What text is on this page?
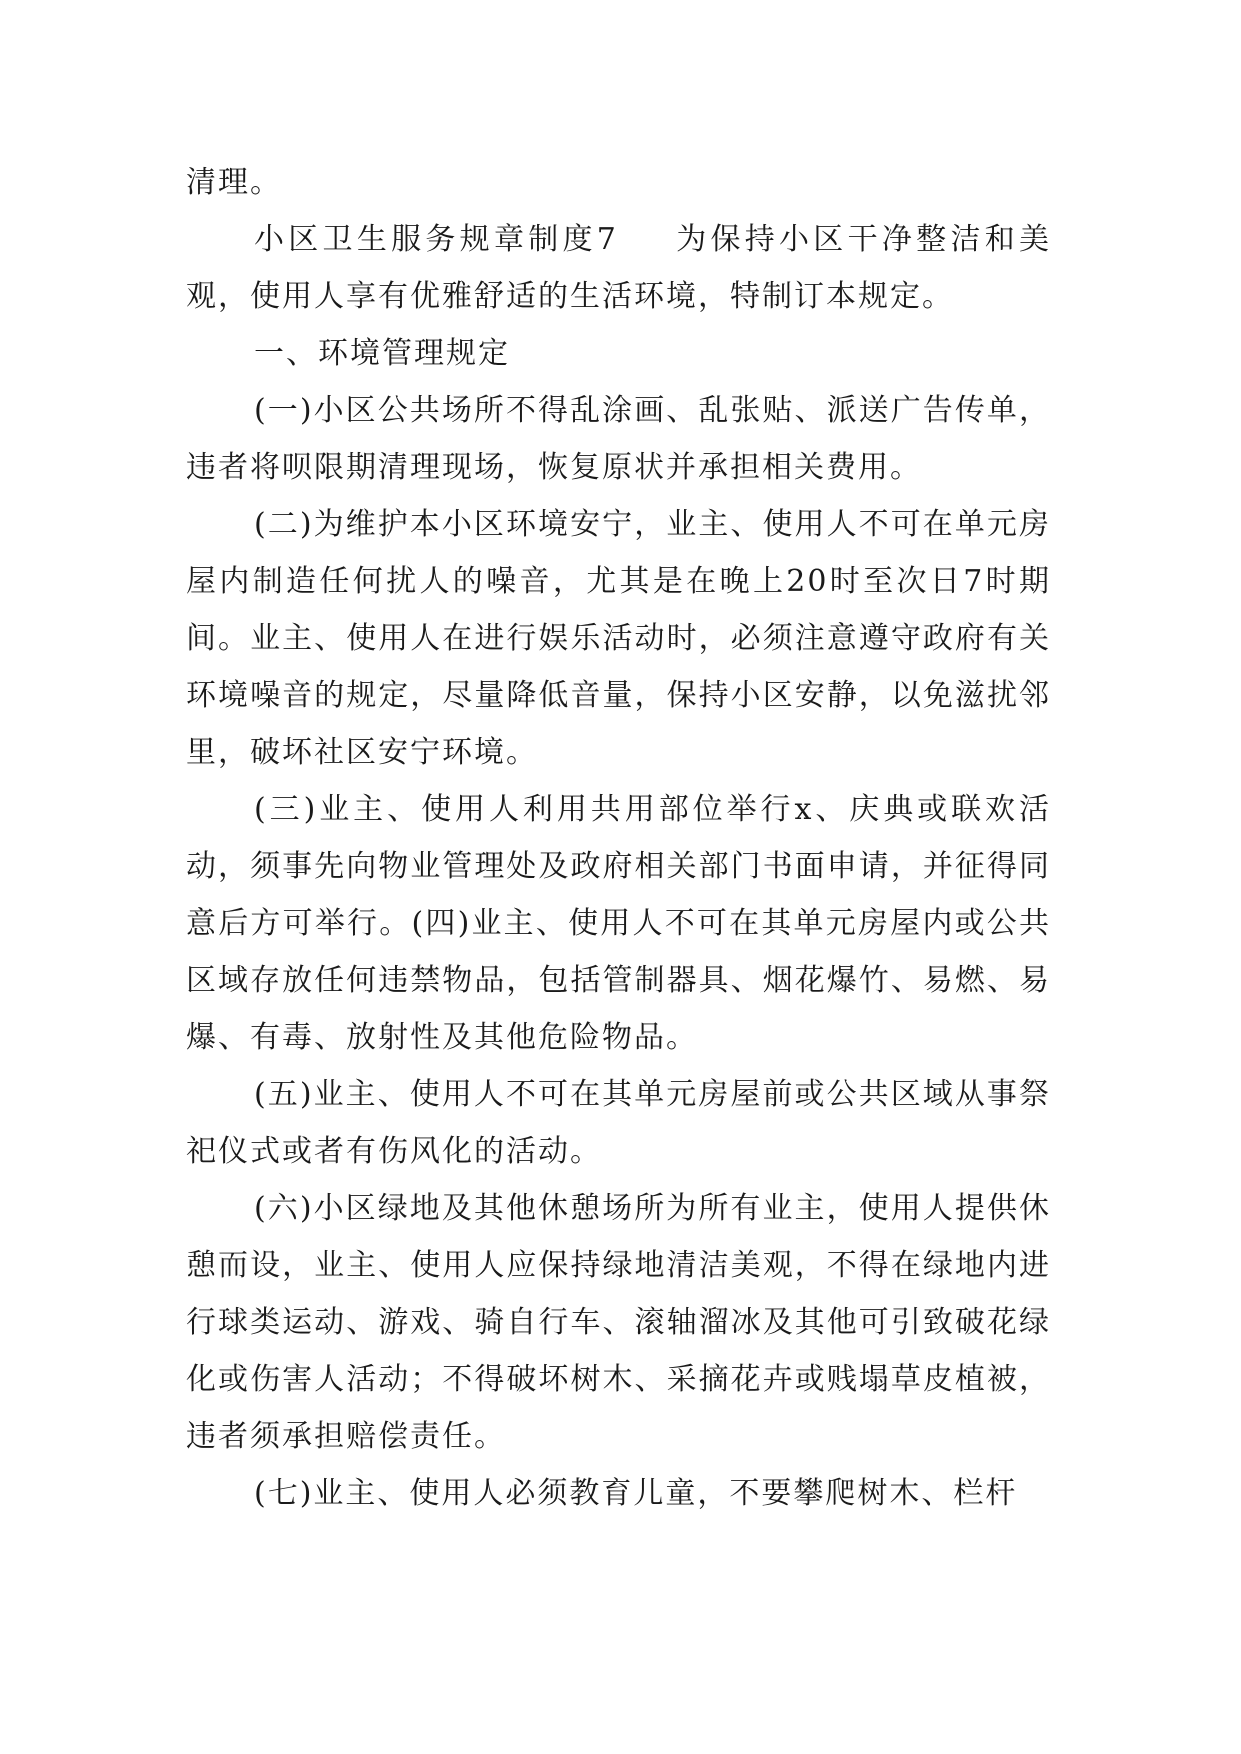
清理。

小区卫生服务规章制度7 为保持小区干净整洁和美观，使用人享有优雅舒适的生活环境，特制订本规定。

一、环境管理规定

(一)小区公共场所不得乱涂画、乱张贴、派送广告传单，违者将呗限期清理现场，恢复原状并承担相关费用。

(二)为维护本小区环境安宁，业主、使用人不可在单元房屋内制造任何扰人的噪音，尤其是在晚上20时至次日7时期间。业主、使用人在进行娱乐活动时，必须注意遵守政府有关环境噪音的规定，尽量降低音量，保持小区安静，以免滋扰邻里，破坏社区安宁环境。

(三)业主、使用人利用共用部位举行x、庆典或联欢活动，须事先向物业管理处及政府相关部门书面申请，并征得同意后方可举行。(四)业主、使用人不可在其单元房屋内或公共区域存放任何违禁物品，包括管制器具、烟花爆竹、易燃、易爆、有毒、放射性及其他危险物品。

(五)业主、使用人不可在其单元房屋前或公共区域从事祭祀仪式或者有伤风化的活动。

(六)小区绿地及其他休憩场所为所有业主，使用人提供休憩而设，业主、使用人应保持绿地清洁美观，不得在绿地内进行球类运动、游戏、骑自行车、滚轴溜冰及其他可引致破花绿化或伤害人活动；不得破坏树木、采摘花卉或贱塌草皮植被，违者须承担赔偿责任。

(七)业主、使用人必须教育儿童，不要攀爬树木、栏杆
